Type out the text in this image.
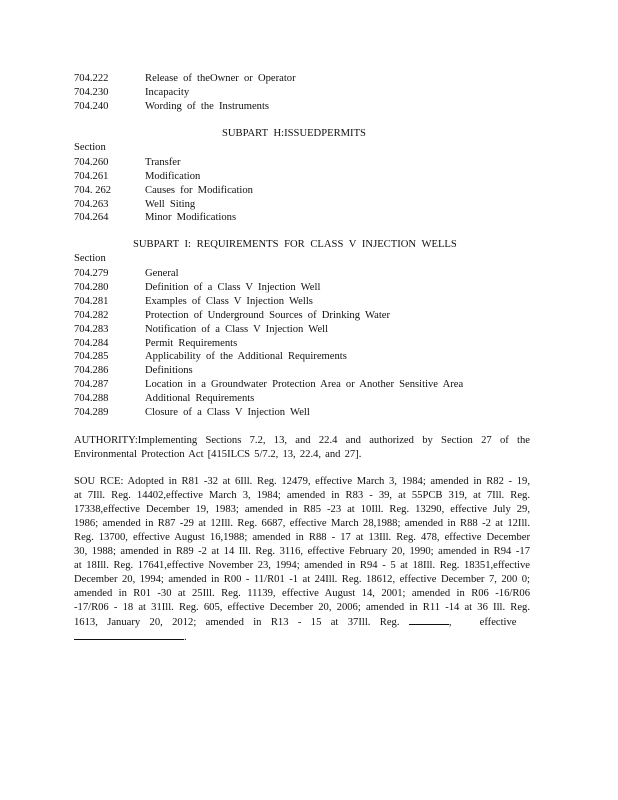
704.222	Release of theOwner or Operator
704.230	Incapacity
704.240	Wording of the Instruments
SUBPART H:ISSUEDPERMITS
Section
704.260	Transfer
704.261	Modification
704. 262	Causes for Modification
704.263	Well Siting
704.264	Minor Modifications
SUBPART I: REQUIREMENTS FOR CLASS V INJECTION WELLS
Section
704.279	General
704.280	Definition of a Class V Injection Well
704.281	Examples of Class V Injection Wells
704.282	Protection of Underground Sources of Drinking Water
704.283	Notification of a Class V Injection Well
704.284	Permit Requirements
704.285	Applicability of the Additional Requirements
704.286	Definitions
704.287	Location in a Groundwater Protection Area or Another Sensitive Area
704.288	Additional Requirements
704.289	Closure of a Class V Injection Well
AUTHORITY:Implementing Sections 7.2, 13, and 22.4 and authorized by Section 27 of the Environmental Protection Act [415ILCS 5/7.2, 13, 22.4, and 27].
SOU RCE: Adopted in R81 -32 at 6Ill. Reg. 12479, effective March 3, 1984; amended in R82 - 19, at 7Ill. Reg. 14402,effective March 3, 1984; amended in R83 - 39, at 55PCB 319, at 7Ill. Reg. 17338,effective December 19, 1983; amended in R85 -23 at 10Ill. Reg. 13290, effective July 29, 1986; amended in R87 -29 at 12Ill. Reg. 6687, effective March 28,1988; amended in R88 -2 at 12Ill. Reg. 13700, effective August 16,1988; amended in R88 - 17 at 13Ill. Reg. 478, effective December 30, 1988; amended in R89 -2 at 14 Ill. Reg. 3116, effective February 20, 1990; amended in R94 -17 at 18Ill. Reg. 17641,effective November 23, 1994; amended in R94 - 5 at 18Ill. Reg. 18351,effective December 20, 1994; amended in R00 - 11/R01 -1 at 24Ill. Reg. 18612, effective December 7, 200 0; amended in R01 -30 at 25Ill. Reg. 11139, effective August 14, 2001; amended in R06 -16/R06 -17/R06 - 18 at 31Ill. Reg. 605, effective December 20, 2006; amended in R11 -14 at 36 Ill. Reg. 1613, January 20, 2012; amended in R13 - 15 at 37Ill. Reg.	,   effective   .
